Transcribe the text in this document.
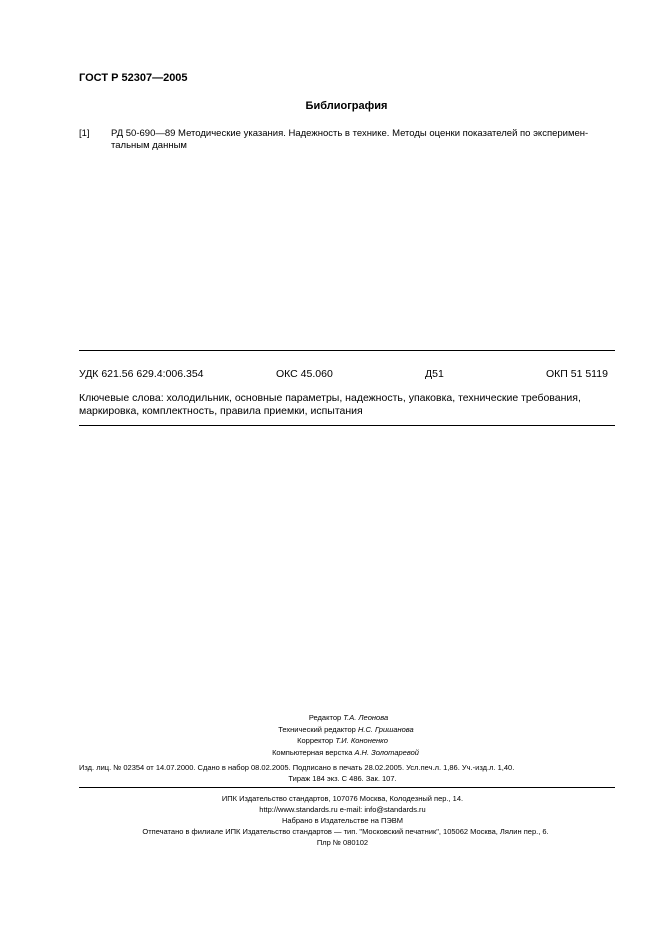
ГОСТ Р 52307—2005
Библиография
[1] РД 50-690—89 Методические указания. Надежность в технике. Методы оценки показателей по эксперимен-
тальным данным
УДК 621.56 629.4:006.354	ОКС 45.060	Д51	ОКП 51 5119
Ключевые слова: холодильник, основные параметры, надежность, упаковка, технические требования,
маркировка, комплектность, правила приемки, испытания
Редактор Т.А. Леонова
Технический редактор Н.С. Гришанова
Корректор Т.И. Кононенко
Компьютерная верстка А.Н. Золотаревой
Изд. лиц. № 02354 от 14.07.2000. Сдано в набор 08.02.2005. Подписано в печать 28.02.2005. Усл.печ.л. 1,86. Уч.-изд.л. 1,40.
Тираж 184 экз. С 486. Зак. 107.
ИПК Издательство стандартов, 107076 Москва, Колодезный пер., 14.
http://www.standards.ru e-mail: info@standards.ru
Набрано в Издательстве на ПЭВМ
Отпечатано в филиале ИПК Издательство стандартов — тип. "Московский печатник", 105062 Москва, Лялин пер., 6.
Плр № 080102
